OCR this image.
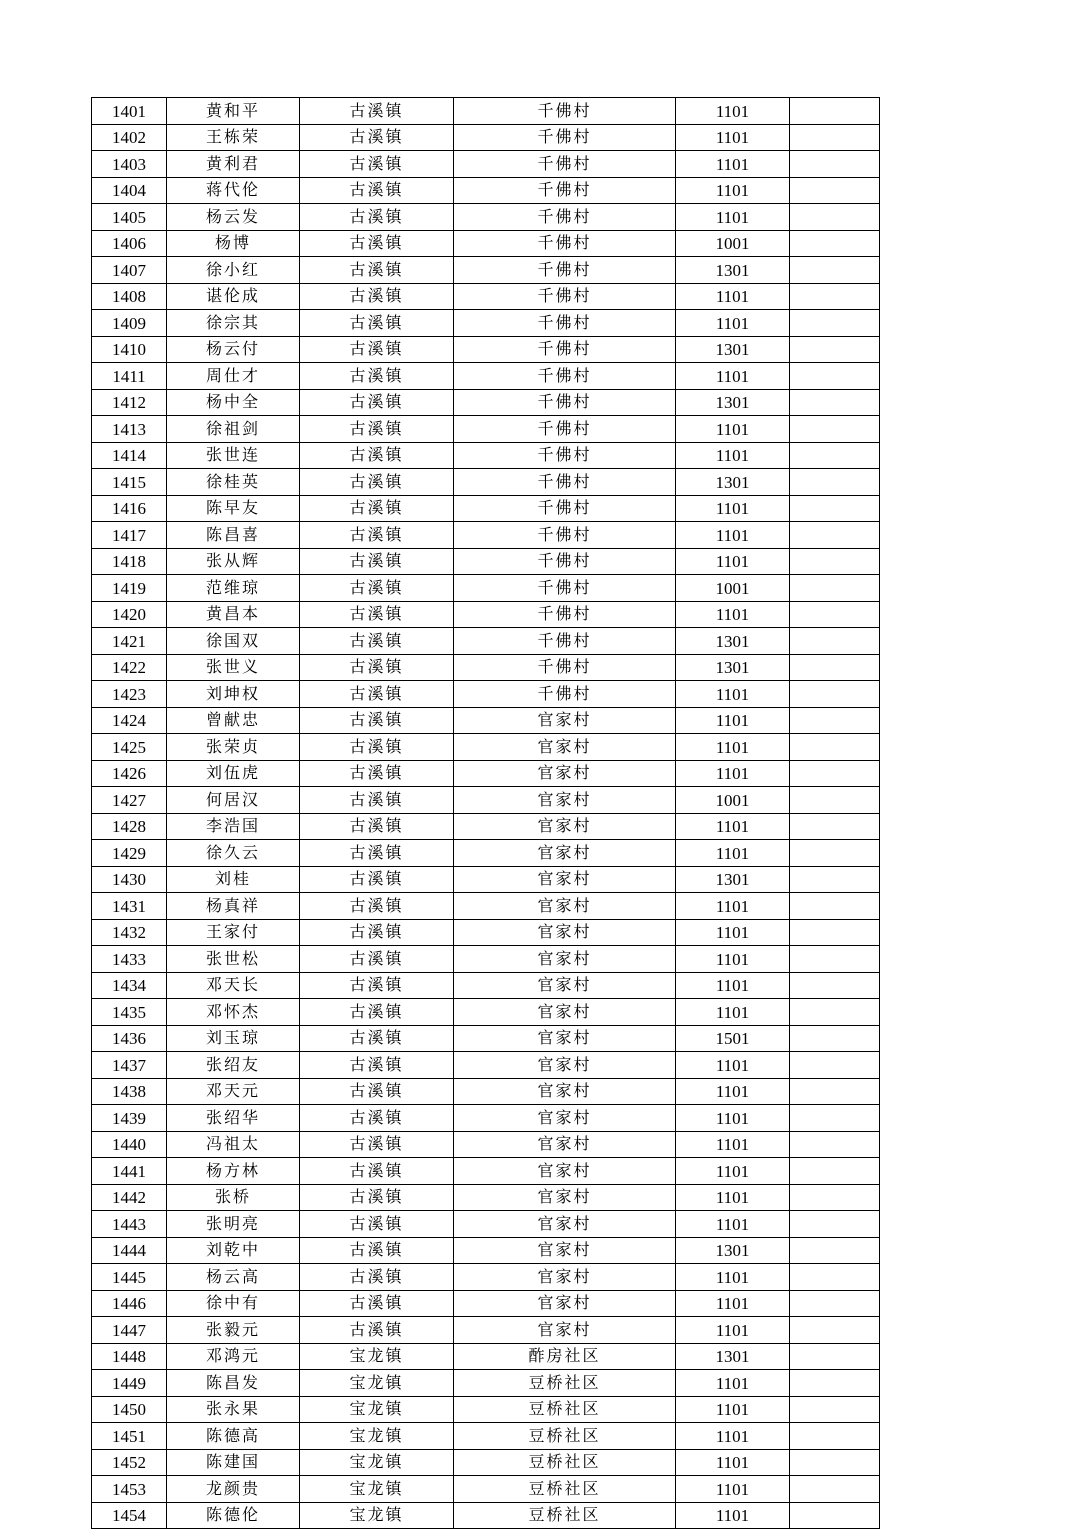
1401	黄和平	古溪镇	千佛村	1101	
1402	王栋荣	古溪镇	千佛村	1101	
1403	黄利君	古溪镇	千佛村	1101	
1404	蒋代伦	古溪镇	千佛村	1101	
1405	杨云发	古溪镇	千佛村	1101	
1406	杨博	古溪镇	千佛村	1001	
1407	徐小红	古溪镇	千佛村	1301	
1408	谌伦成	古溪镇	千佛村	1101	
1409	徐宗其	古溪镇	千佛村	1101	
1410	杨云付	古溪镇	千佛村	1301	
1411	周仕才	古溪镇	千佛村	1101	
1412	杨中全	古溪镇	千佛村	1301	
1413	徐祖剑	古溪镇	千佛村	1101	
1414	张世连	古溪镇	千佛村	1101	
1415	徐桂英	古溪镇	千佛村	1301	
1416	陈早友	古溪镇	千佛村	1101	
1417	陈昌喜	古溪镇	千佛村	1101	
1418	张从辉	古溪镇	千佛村	1101	
1419	范维琼	古溪镇	千佛村	1001	
1420	黄昌本	古溪镇	千佛村	1101	
1421	徐国双	古溪镇	千佛村	1301	
1422	张世义	古溪镇	千佛村	1301	
1423	刘坤权	古溪镇	千佛村	1101	
1424	曾献忠	古溪镇	官家村	1101	
1425	张荣贞	古溪镇	官家村	1101	
1426	刘伍虎	古溪镇	官家村	1101	
1427	何居汉	古溪镇	官家村	1001	
1428	李浩国	古溪镇	官家村	1101	
1429	徐久云	古溪镇	官家村	1101	
1430	刘桂	古溪镇	官家村	1301	
1431	杨真祥	古溪镇	官家村	1101	
1432	王家付	古溪镇	官家村	1101	
1433	张世松	古溪镇	官家村	1101	
1434	邓天长	古溪镇	官家村	1101	
1435	邓怀杰	古溪镇	官家村	1101	
1436	刘玉琼	古溪镇	官家村	1501	
1437	张绍友	古溪镇	官家村	1101	
1438	邓天元	古溪镇	官家村	1101	
1439	张绍华	古溪镇	官家村	1101	
1440	冯祖太	古溪镇	官家村	1101	
1441	杨方林	古溪镇	官家村	1101	
1442	张桥	古溪镇	官家村	1101	
1443	张明亮	古溪镇	官家村	1101	
1444	刘乾中	古溪镇	官家村	1301	
1445	杨云高	古溪镇	官家村	1101	
1446	徐中有	古溪镇	官家村	1101	
1447	张毅元	古溪镇	官家村	1101	
1448	邓鸿元	宝龙镇	酢房社区	1301	
1449	陈昌发	宝龙镇	豆桥社区	1101	
1450	张永果	宝龙镇	豆桥社区	1101	
1451	陈德高	宝龙镇	豆桥社区	1101	
1452	陈建国	宝龙镇	豆桥社区	1101	
1453	龙颜贵	宝龙镇	豆桥社区	1101	
1454	陈德伦	宝龙镇	豆桥社区	1101	
